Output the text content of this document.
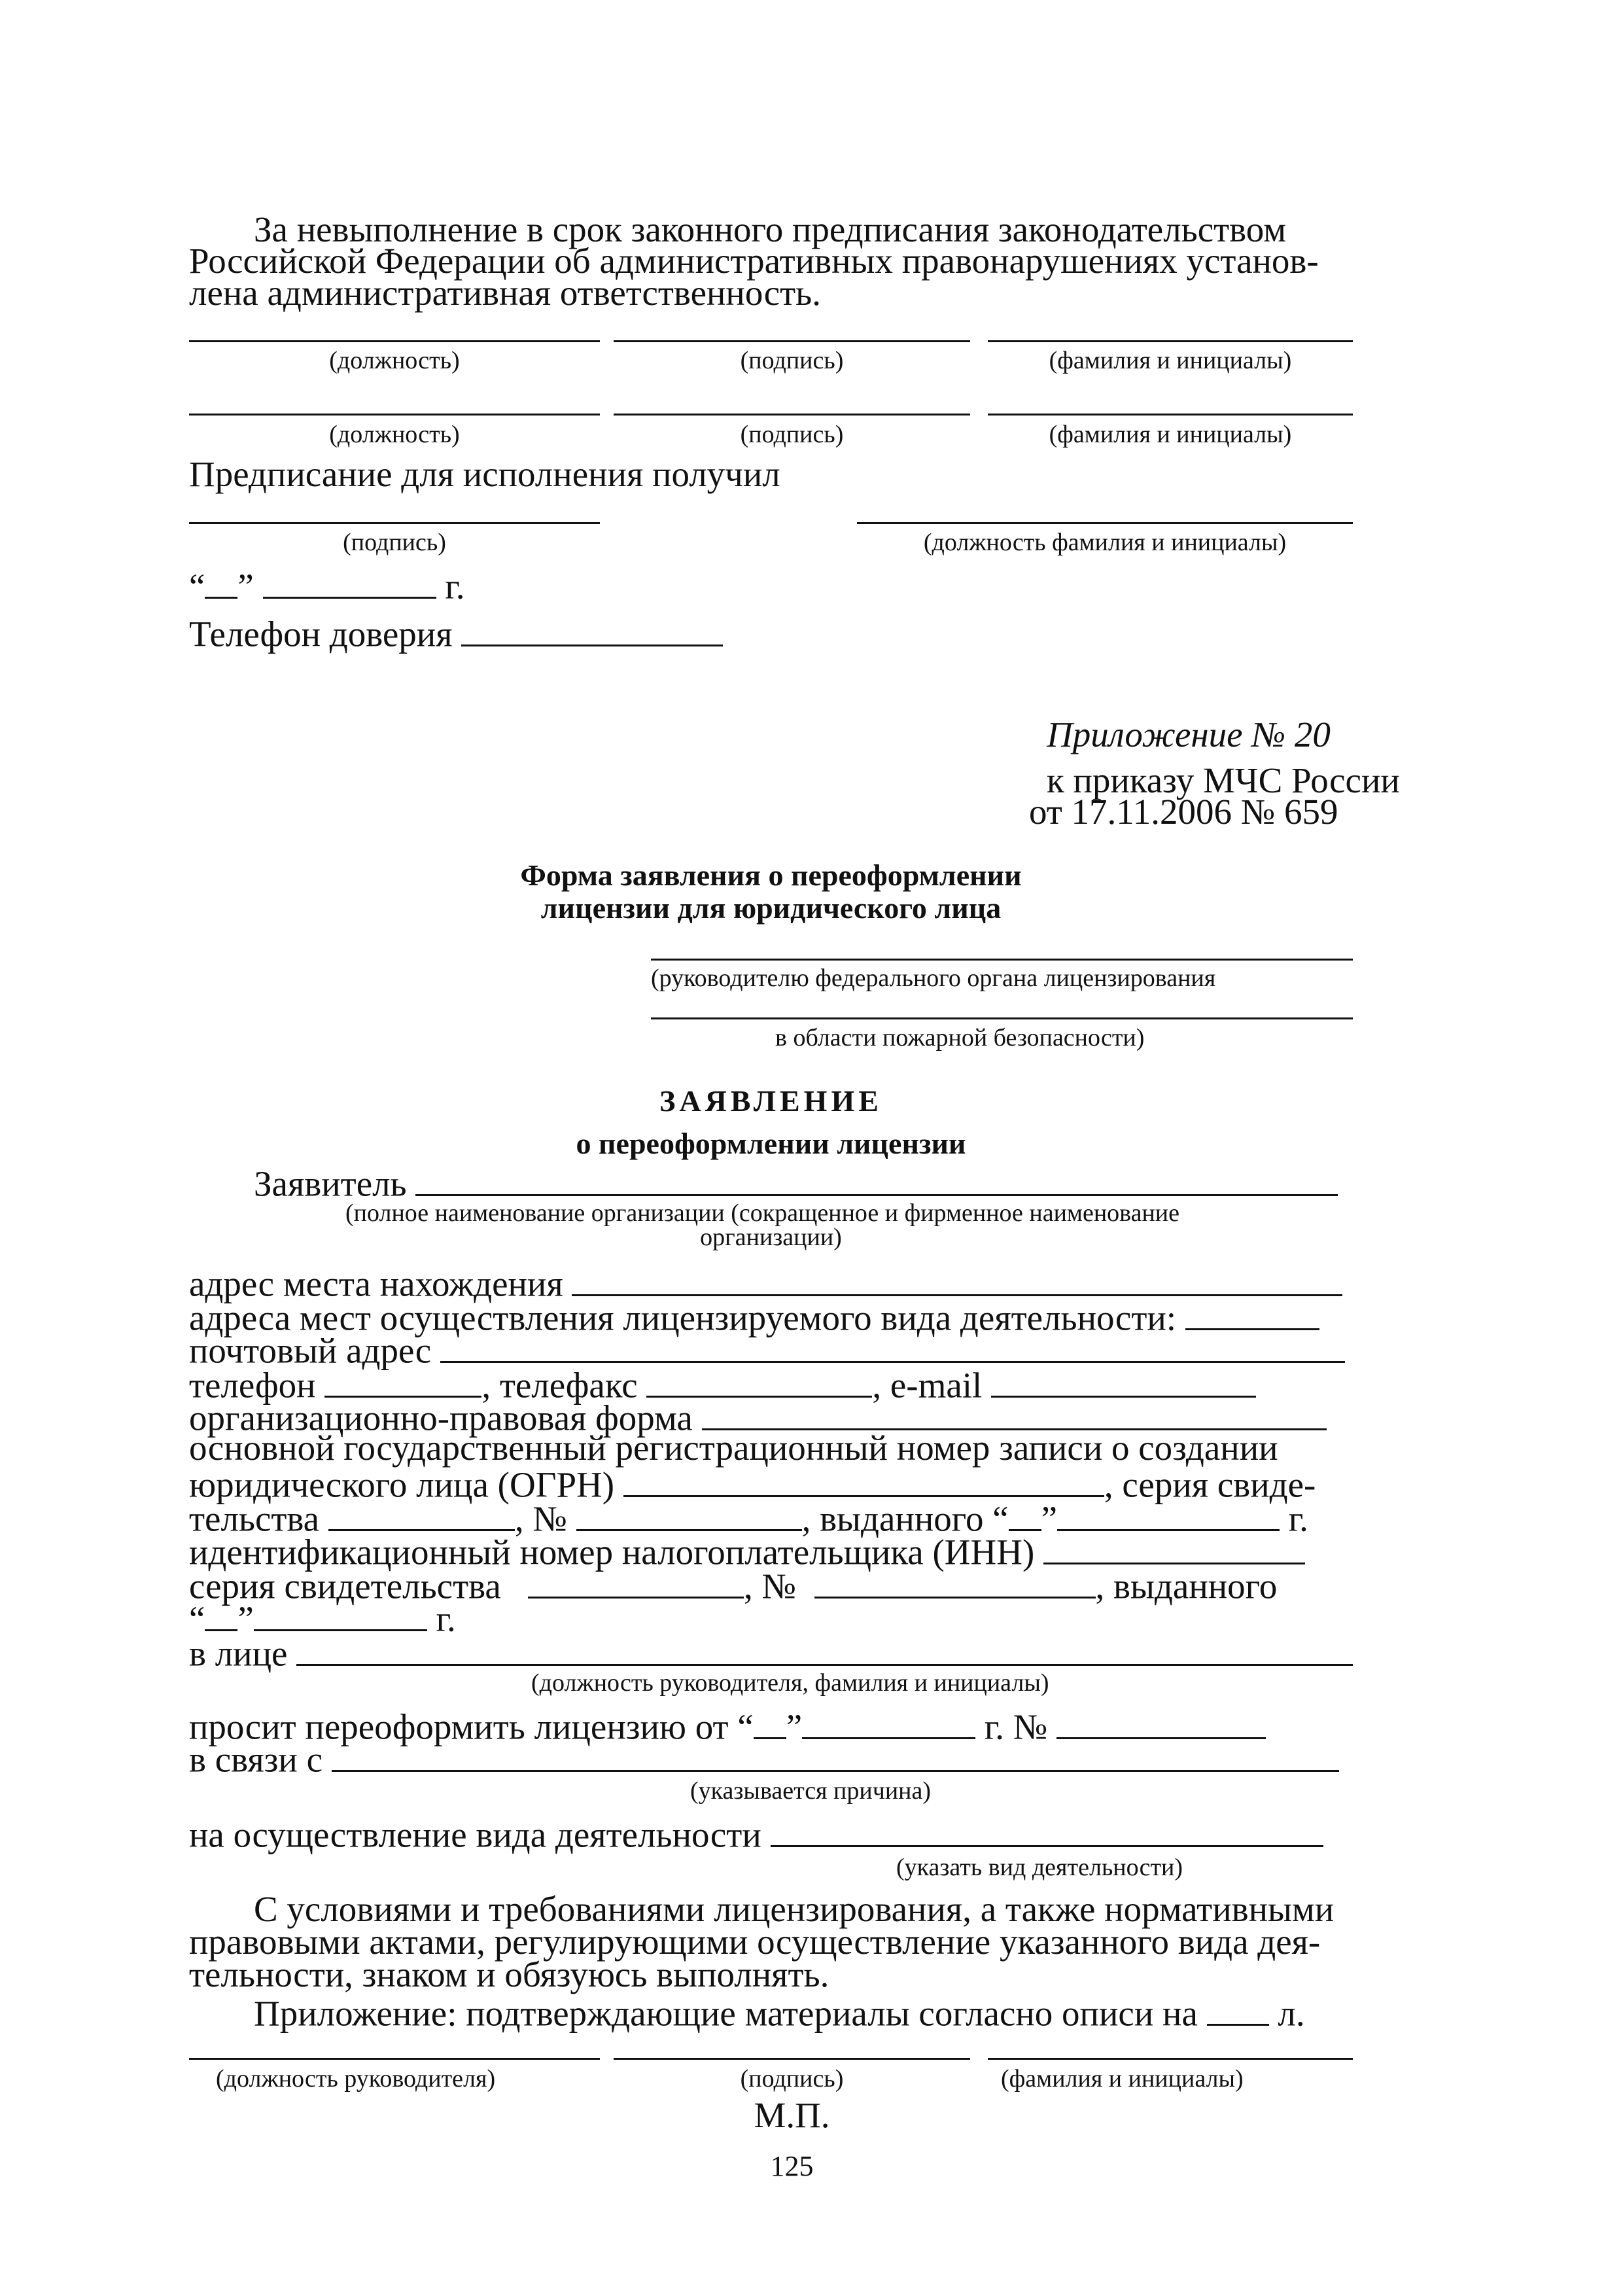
За невыполнение в срок законного предписания законодательством
Российской Федерации об административных правонарушениях установ-
лена административная ответственность.
(должность)	(подпись)	(фамилия и инициалы)
(должность)	(подпись)	(фамилия и инициалы)
Предписание для исполнения получил
(подпись)	(должность фамилия и инициалы)
“ ”	г.
Телефон доверия
Приложение № 20
к приказу МЧС России
от 17.11.2006 № 659
Форма заявления о переоформлении
лицензии для юридического лица
(руководителю федерального органа лицензирования
в области пожарной безопасности)
ЗАЯВЛЕНИЕ
о переоформлении лицензии
Заявитель
(полное наименование организации (сокращенное и фирменное наименование
организации)
адрес места нахождения
адреса мест осуществления лицензируемого вида деятельности:
почтовый адрес
телефон	, телефакс	, e-mail
организационно-правовая форма
основной государственный регистрационный номер записи о создании
юридического лица (ОГРН)	, серия свиде-
тельства	, №	, выданного “ ”	г.
идентификационный номер налогоплательщика (ИНН)
серия свидетельства	, №	, выданного
“ ”	г.
в лице
(должность руководителя, фамилия и инициалы)
просит переоформить лицензию от “ ”	г. №
в связи с
(указывается причина)
на осуществление вида деятельности
(указать вид деятельности)
С условиями и требованиями лицензирования, а также нормативными
правовыми актами, регулирующими осуществление указанного вида дея-
тельности, знаком и обязуюсь выполнять.
Приложение: подтверждающие материалы согласно описи на л.
(должность руководителя)	(подпись)	(фамилия и инициалы)
М.П.
125
